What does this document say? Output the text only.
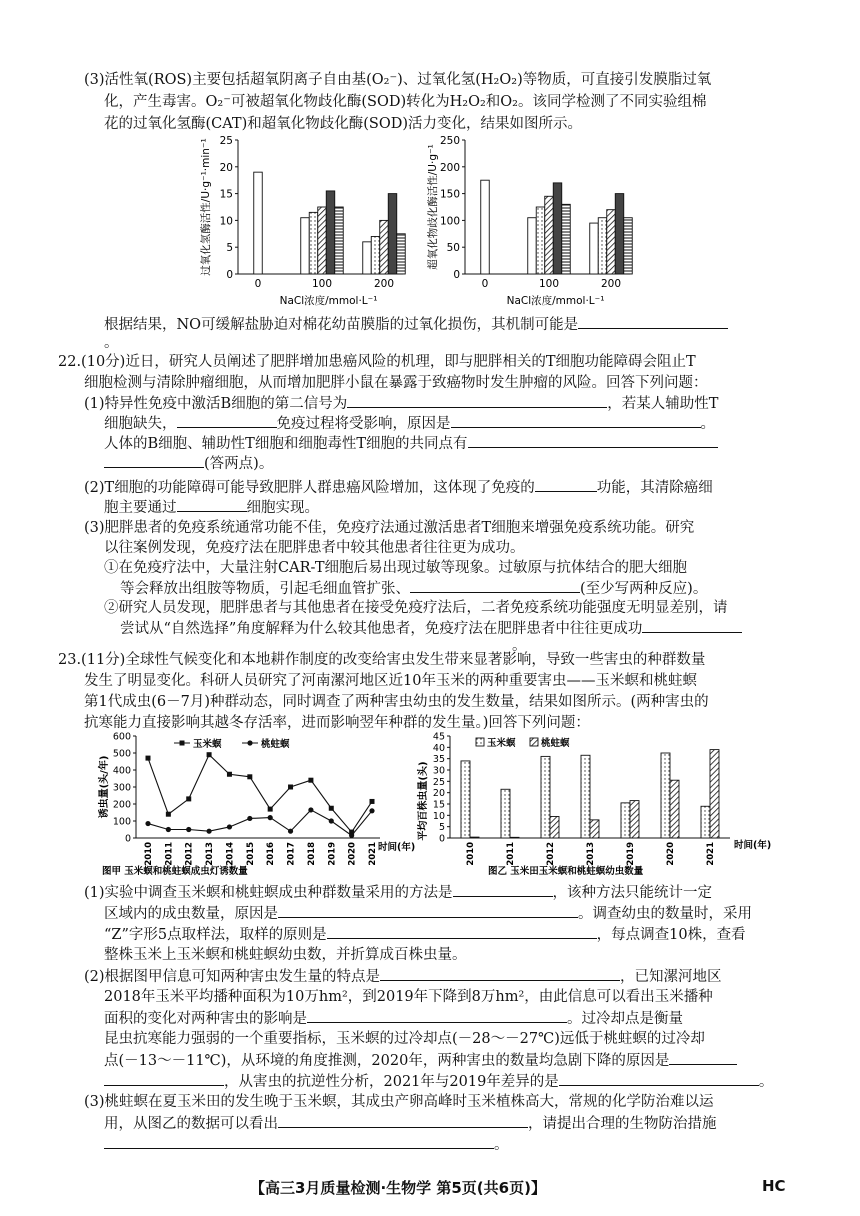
(3)活性氧(ROS)主要包括超氧阴离子自由基(O₂⁻)、过氧化氢(H₂O₂)等物质，可直接引发膜脂过氧
化，产生毒害。O₂⁻可被超氧化物歧化酶(SOD)转化为H₂O₂和O₂。该同学检测了不同实验组棉
花的过氧化氢酶(CAT)和超氧化物歧化酶(SOD)活力变化，结果如图所示。
过氧化氢酶活性/U·g⁻¹·min⁻¹ 0
5
10
15
20
25
0	100	200
NaCl浓度/mmol·L⁻¹
超氧化物歧化酶活性/U·g⁻¹
0
50
100
150
200
250
0	100	200
NaCl浓度/mmol·L⁻¹
根据结果，NO可缓解盐胁迫对棉花幼苗膜脂的过氧化损伤，其机制可能是
。
22.(10分)近日，研究人员阐述了肥胖增加患癌风险的机理，即与肥胖相关的T细胞功能障碍会阻止T
细胞检测与清除肿瘤细胞，从而增加肥胖小鼠在暴露于致癌物时发生肿瘤的风险。回答下列问题：
(1)特异性免疫中激活B细胞的第二信号为	，若某人辅助性T
细胞缺失，	免疫过程将受影响，原因是	。
人体的B细胞、辅助性T细胞和细胞毒性T细胞的共同点有
(答两点)。
(2)T细胞的功能障碍可能导致肥胖人群患癌风险增加，这体现了免疫的	功能，其清除癌细
胞主要通过	细胞实现。
(3)肥胖患者的免疫系统通常功能不佳，免疫疗法通过激活患者T细胞来增强免疫系统功能。研究
以往案例发现，免疫疗法在肥胖患者中较其他患者往往更为成功。
①在免疫疗法中，大量注射CAR-T细胞后易出现过敏等现象。过敏原与抗体结合的肥大细胞
等会释放出组胺等物质，引起毛细血管扩张、	(至少写两种反应)。
②研究人员发现，肥胖患者与其他患者在接受免疫疗法后，二者免疫系统功能强度无明显差别，请
尝试从“自然选择”角度解释为什么较其他患者，免疫疗法在肥胖患者中往往更成功
。
23.(11分)全球性气候变化和本地耕作制度的改变给害虫发生带来显著影响，导致一些害虫的种群数量
发生了明显变化。科研人员研究了河南漯河地区近10年玉米的两种重要害虫——玉米螟和桃蛀螟
第1代成虫(6－7月)种群动态，同时调查了两种害虫幼虫的发生数量，结果如图所示。(两种害虫的
抗寒能力直接影响其越冬存活率，进而影响翌年种群的发生量。)回答下列问题：
诱虫量(头/年)
0
100
200
300
400
500
600
2010 2011 2012 2013 2014 2015 2016 2017 2018 2019 2020 2021 时间(年)
玉米螟	桃蛀螟
图甲 玉米螟和桃蛀螟成虫灯诱数量
平均百株虫量(头) 0
5
10
15
20
25
30
35
40
45
2010	2011	2012	2013	2019	2020	2021 时间(年)
玉米螟	桃蛀螟
图乙 玉米田玉米螟和桃蛀螟幼虫数量
(1)实验中调查玉米螟和桃蛀螟成虫种群数量采用的方法是	，该种方法只能统计一定
区域内的成虫数量，原因是	。调查幼虫的数量时，采用
“Z”字形5点取样法，取样的原则是	，每点调查10株，查看
整株玉米上玉米螟和桃蛀螟幼虫数，并折算成百株虫量。
(2)根据图甲信息可知两种害虫发生量的特点是	，已知漯河地区
2018年玉米平均播种面积为10万hm²，到2019年下降到8万hm²，由此信息可以看出玉米播种
面积的变化对两种害虫的影响是	。过冷却点是衡量
昆虫抗寒能力强弱的一个重要指标，玉米螟的过冷却点(－28～－27℃)远低于桃蛀螟的过冷却
点(－13～－11℃)，从环境的角度推测，2020年，两种害虫的数量均急剧下降的原因是
，从害虫的抗逆性分析，2021年与2019年差异的是	。
(3)桃蛀螟在夏玉米田的发生晚于玉米螟，其成虫产卵高峰时玉米植株高大，常规的化学防治难以运
用，从图乙的数据可以看出	，请提出合理的生物防治措施
。
【高三3月质量检测·生物学 第5页(共6页)】	HC
